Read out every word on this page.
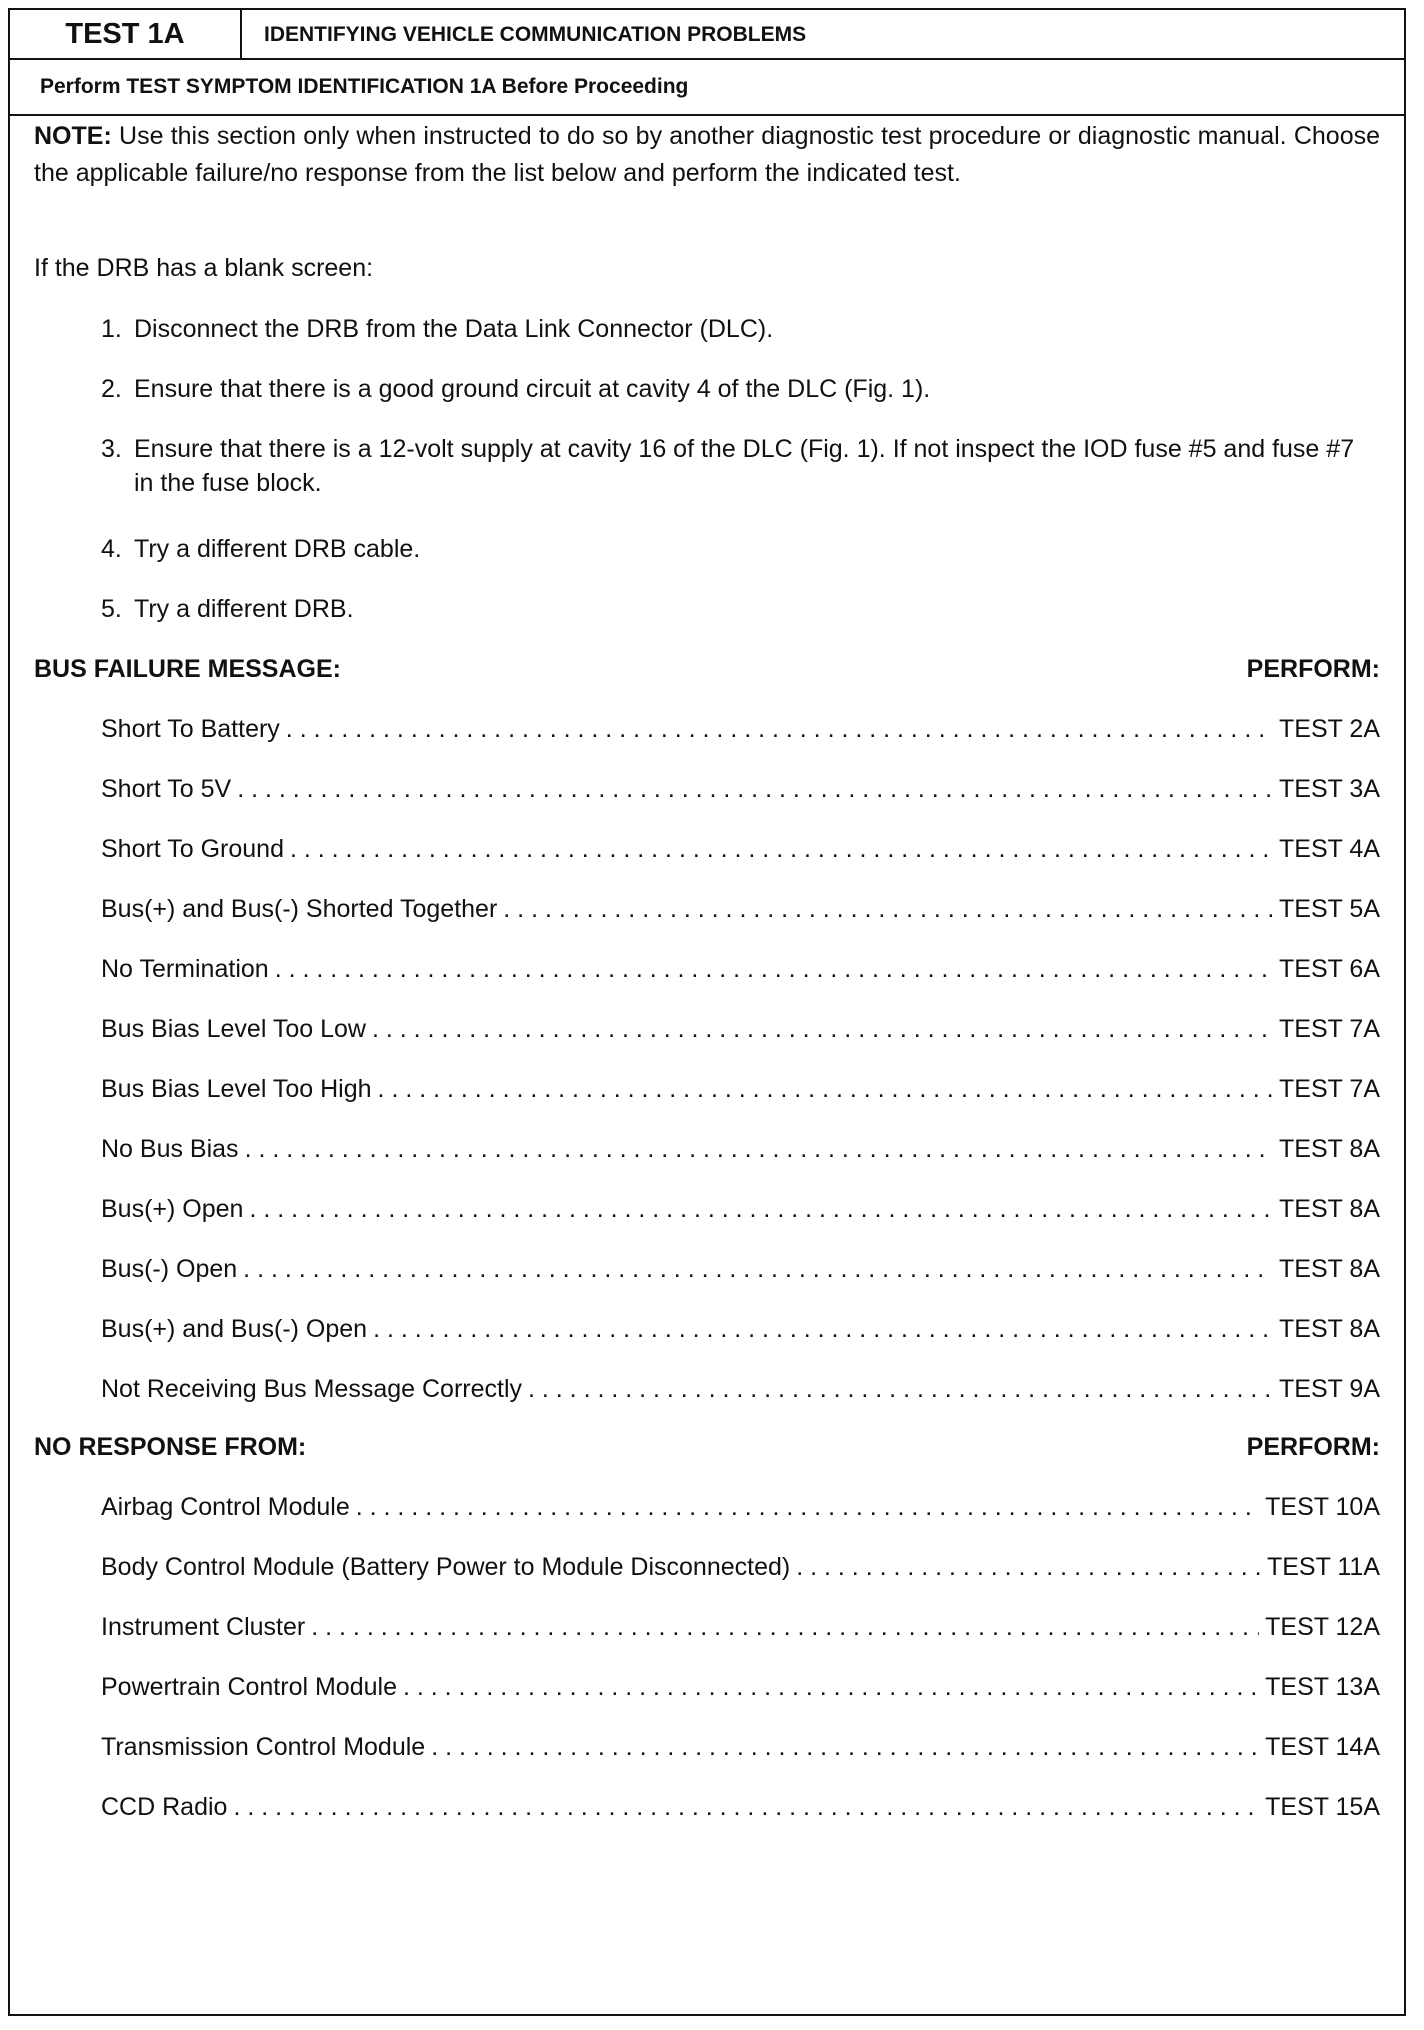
TEST 1A	IDENTIFYING VEHICLE COMMUNICATION PROBLEMS
Perform TEST SYMPTOM IDENTIFICATION 1A Before Proceeding
NOTE: Use this section only when instructed to do so by another diagnostic test procedure or diagnostic manual. Choose the applicable failure/no response from the list below and perform the indicated test.
If the DRB has a blank screen:
1. Disconnect the DRB from the Data Link Connector (DLC).
2. Ensure that there is a good ground circuit at cavity 4 of the DLC (Fig. 1).
3. Ensure that there is a 12-volt supply at cavity 16 of the DLC (Fig. 1). If not inspect the IOD fuse #5 and fuse #7 in the fuse block.
4. Try a different DRB cable.
5. Try a different DRB.
BUS FAILURE MESSAGE:	PERFORM:
Short To Battery . . .	TEST 2A
Short To 5V . . .	TEST 3A
Short To Ground . . .	TEST 4A
Bus(+) and Bus(-) Shorted Together . . .	TEST 5A
No Termination . . .	TEST 6A
Bus Bias Level Too Low . . .	TEST 7A
Bus Bias Level Too High . . .	TEST 7A
No Bus Bias . . .	TEST 8A
Bus(+) Open . . .	TEST 8A
Bus(-) Open . . .	TEST 8A
Bus(+) and Bus(-) Open . . .	TEST 8A
Not Receiving Bus Message Correctly . . .	TEST 9A
NO RESPONSE FROM:	PERFORM:
Airbag Control Module . . .	TEST 10A
Body Control Module (Battery Power to Module Disconnected) . . .	TEST 11A
Instrument Cluster . . .	TEST 12A
Powertrain Control Module . . .	TEST 13A
Transmission Control Module . . .	TEST 14A
CCD Radio . . .	TEST 15A
